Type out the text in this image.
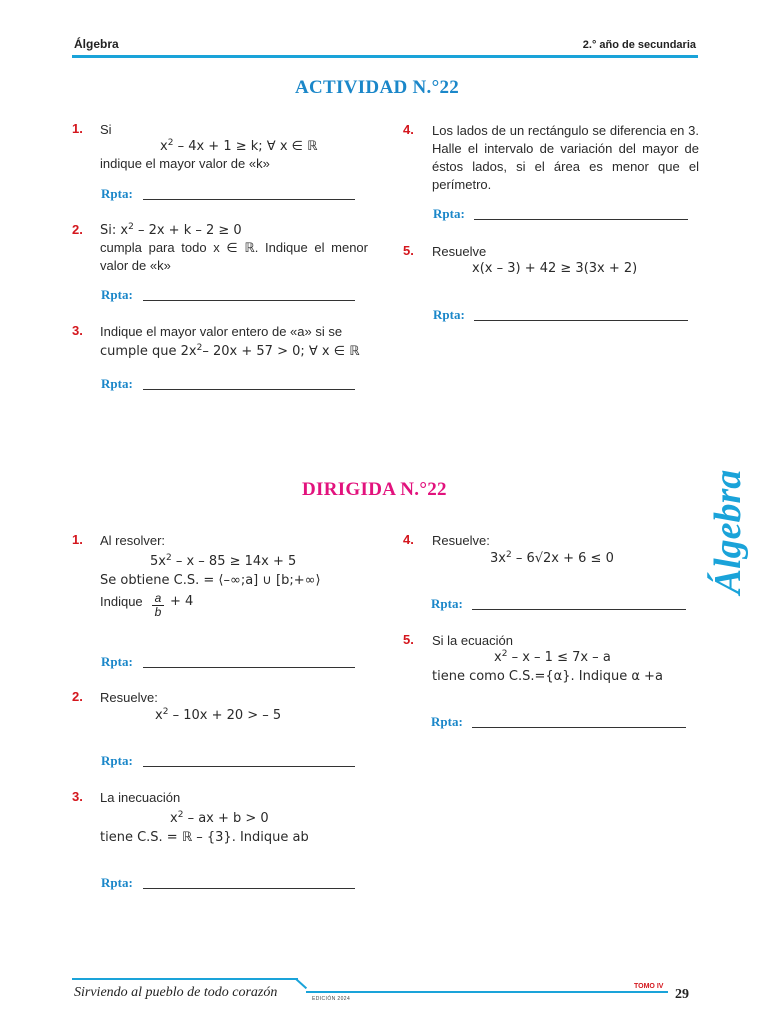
Álgebra	2.° año de secundaria
ACTIVIDAD N.°22
1. Si
$x^2 - 4x + 1 \ge k$; ∀ x ∈ ℝ
indique el mayor valor de «k»
Rpta:
2. Si: $x^2 - 2x + k - 2 \ge 0$
cumpla para todo x ∈ ℝ. Indique el menor valor de «k»
Rpta:
3. Indique el mayor valor entero de «a» si se
cumple que $2x^2-$ 20x + 57 > 0; ∀ x ∈ ℝ
Rpta:
4. Los lados de un rectángulo se diferencia en 3. Halle el intervalo de variación del mayor de éstos lados, si el área es menor que el perímetro.
Rpta:
5. Resuelve
x(x – 3) + 42 ≥ 3(3x + 2)
Rpta:
DIRIGIDA N.°22
1. Al resolver:
$5x^2 - x - 85 \ge 14x + 5$
Se obtiene C.S. = ⟨–∞;a] ∪ [b;+∞⟩
Indique a
b
+ 4
Rpta:
2. Resuelve:
$x^2 - 10x + 20$ > – 5
Rpta:
3. La inecuación
$x^2$ – ax + b > 0
tiene C.S. = ℝ – {3}. Indique ab
Rpta:
4. Resuelve:
$3x^2 - 6√2x + 6 \le 0$
Rpta:
5. Si la ecuación
$x^2 - x - 1 \le 7x - a$
tiene como C.S.={α}. Indique α +a
Rpta:
Álgebra
Sirviendo al pueblo de todo corazón	EDICIÓN 2024
TOMO IV
29
